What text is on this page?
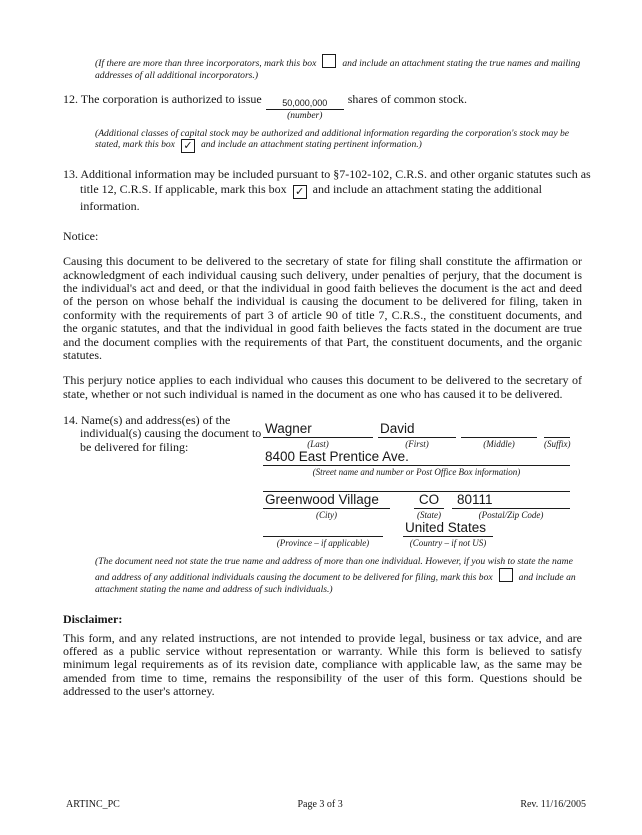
(If there are more than three incorporators, mark this box	and include an attachment stating the true names and mailing addresses of all additional incorporators.)
12. The corporation is authorized to issue	50,000,000
(number)
shares of common stock.
(Additional classes of capital stock may be authorized and additional information regarding the corporation's stock may be stated, mark this box ✓ and include an attachment stating pertinent information.)
13. Additional information may be included pursuant to §7-102-102, C.R.S. and other organic statutes such as title 12, C.R.S. If applicable, mark this box ✓ and include an attachment stating the additional information.
Notice:
Causing this document to be delivered to the secretary of state for filing shall constitute the affirmation or acknowledgment of each individual causing such delivery, under penalties of perjury, that the document is the individual's act and deed, or that the individual in good faith believes the document is the act and deed of the person on whose behalf the individual is causing the document to be delivered for filing, taken in conformity with the requirements of part 3 of article 90 of title 7, C.R.S., the constituent documents, and the organic statutes, and that the individual in good faith believes the facts stated in the document are true and the document complies with the requirements of that Part, the constituent documents, and the organic statutes.
This perjury notice applies to each individual who causes this document to be delivered to the secretary of state, whether or not such individual is named in the document as one who has caused it to be delivered.
14. Name(s) and address(es) of the individual(s) causing the document to be delivered for filing:
Wagner
(Last)
David
(First)	(Middle)	(Suffix)
8400 East Prentice Ave.
(Street name and number or Post Office Box information)
Greenwood Village
(City)
CO
(State)
80111
(Postal/Zip Code)
(Province – if applicable)
United States
(Country – if not US)
(The document need not state the true name and address of more than one individual. However, if you wish to state the name and address of any additional individuals causing the document to be delivered for filing, mark this box	and include an attachment stating the name and address of such individuals.)
Disclaimer:
This form, and any related instructions, are not intended to provide legal, business or tax advice, and are offered as a public service without representation or warranty. While this form is believed to satisfy minimum legal requirements as of its revision date, compliance with applicable law, as the same may be amended from time to time, remains the responsibility of the user of this form. Questions should be addressed to the user's attorney.
ARTINC_PC	Page 3 of 3	Rev. 11/16/2005
